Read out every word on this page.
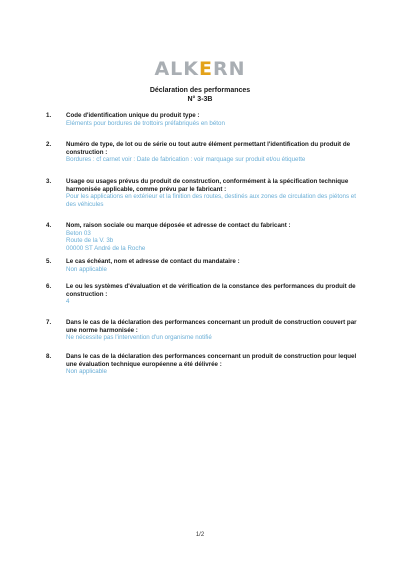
ALKERN
Déclaration des performances
N° 3-3B
1. Code d'identification unique du produit type :
Eléments pour bordures de trottoirs préfabriqués en béton
2. Numéro de type, de lot ou de série ou tout autre élément permettant l'identification du produit de construction :
Bordures : cf carnet voir : Date de fabrication : voir marquage sur produit et/ou étiquette
3. Usage ou usages prévus du produit de construction, conformément à la spécification technique harmonisée applicable, comme prévu par le fabricant :
Pour les applications en extérieur et la finition des routes, destinés aux zones de circulation des piétons et des véhicules
4. Nom, raison sociale ou marque déposée et adresse de contact du fabricant :
Beton 03
Route de la V. 3b
00000 ST André de la Roche
5. Le cas échéant, nom et adresse de contact du mandataire :
Non applicable
6. Le ou les systèmes d'évaluation et de vérification de la constance des performances du produit de construction :
4
7. Dans le cas de la déclaration des performances concernant un produit de construction couvert par une norme harmonisée :
Ne nécessite pas l'intervention d'un organisme notifié
8. Dans le cas de la déclaration des performances concernant un produit de construction pour lequel une évaluation technique européenne a été délivrée :
Non applicable
1/2
